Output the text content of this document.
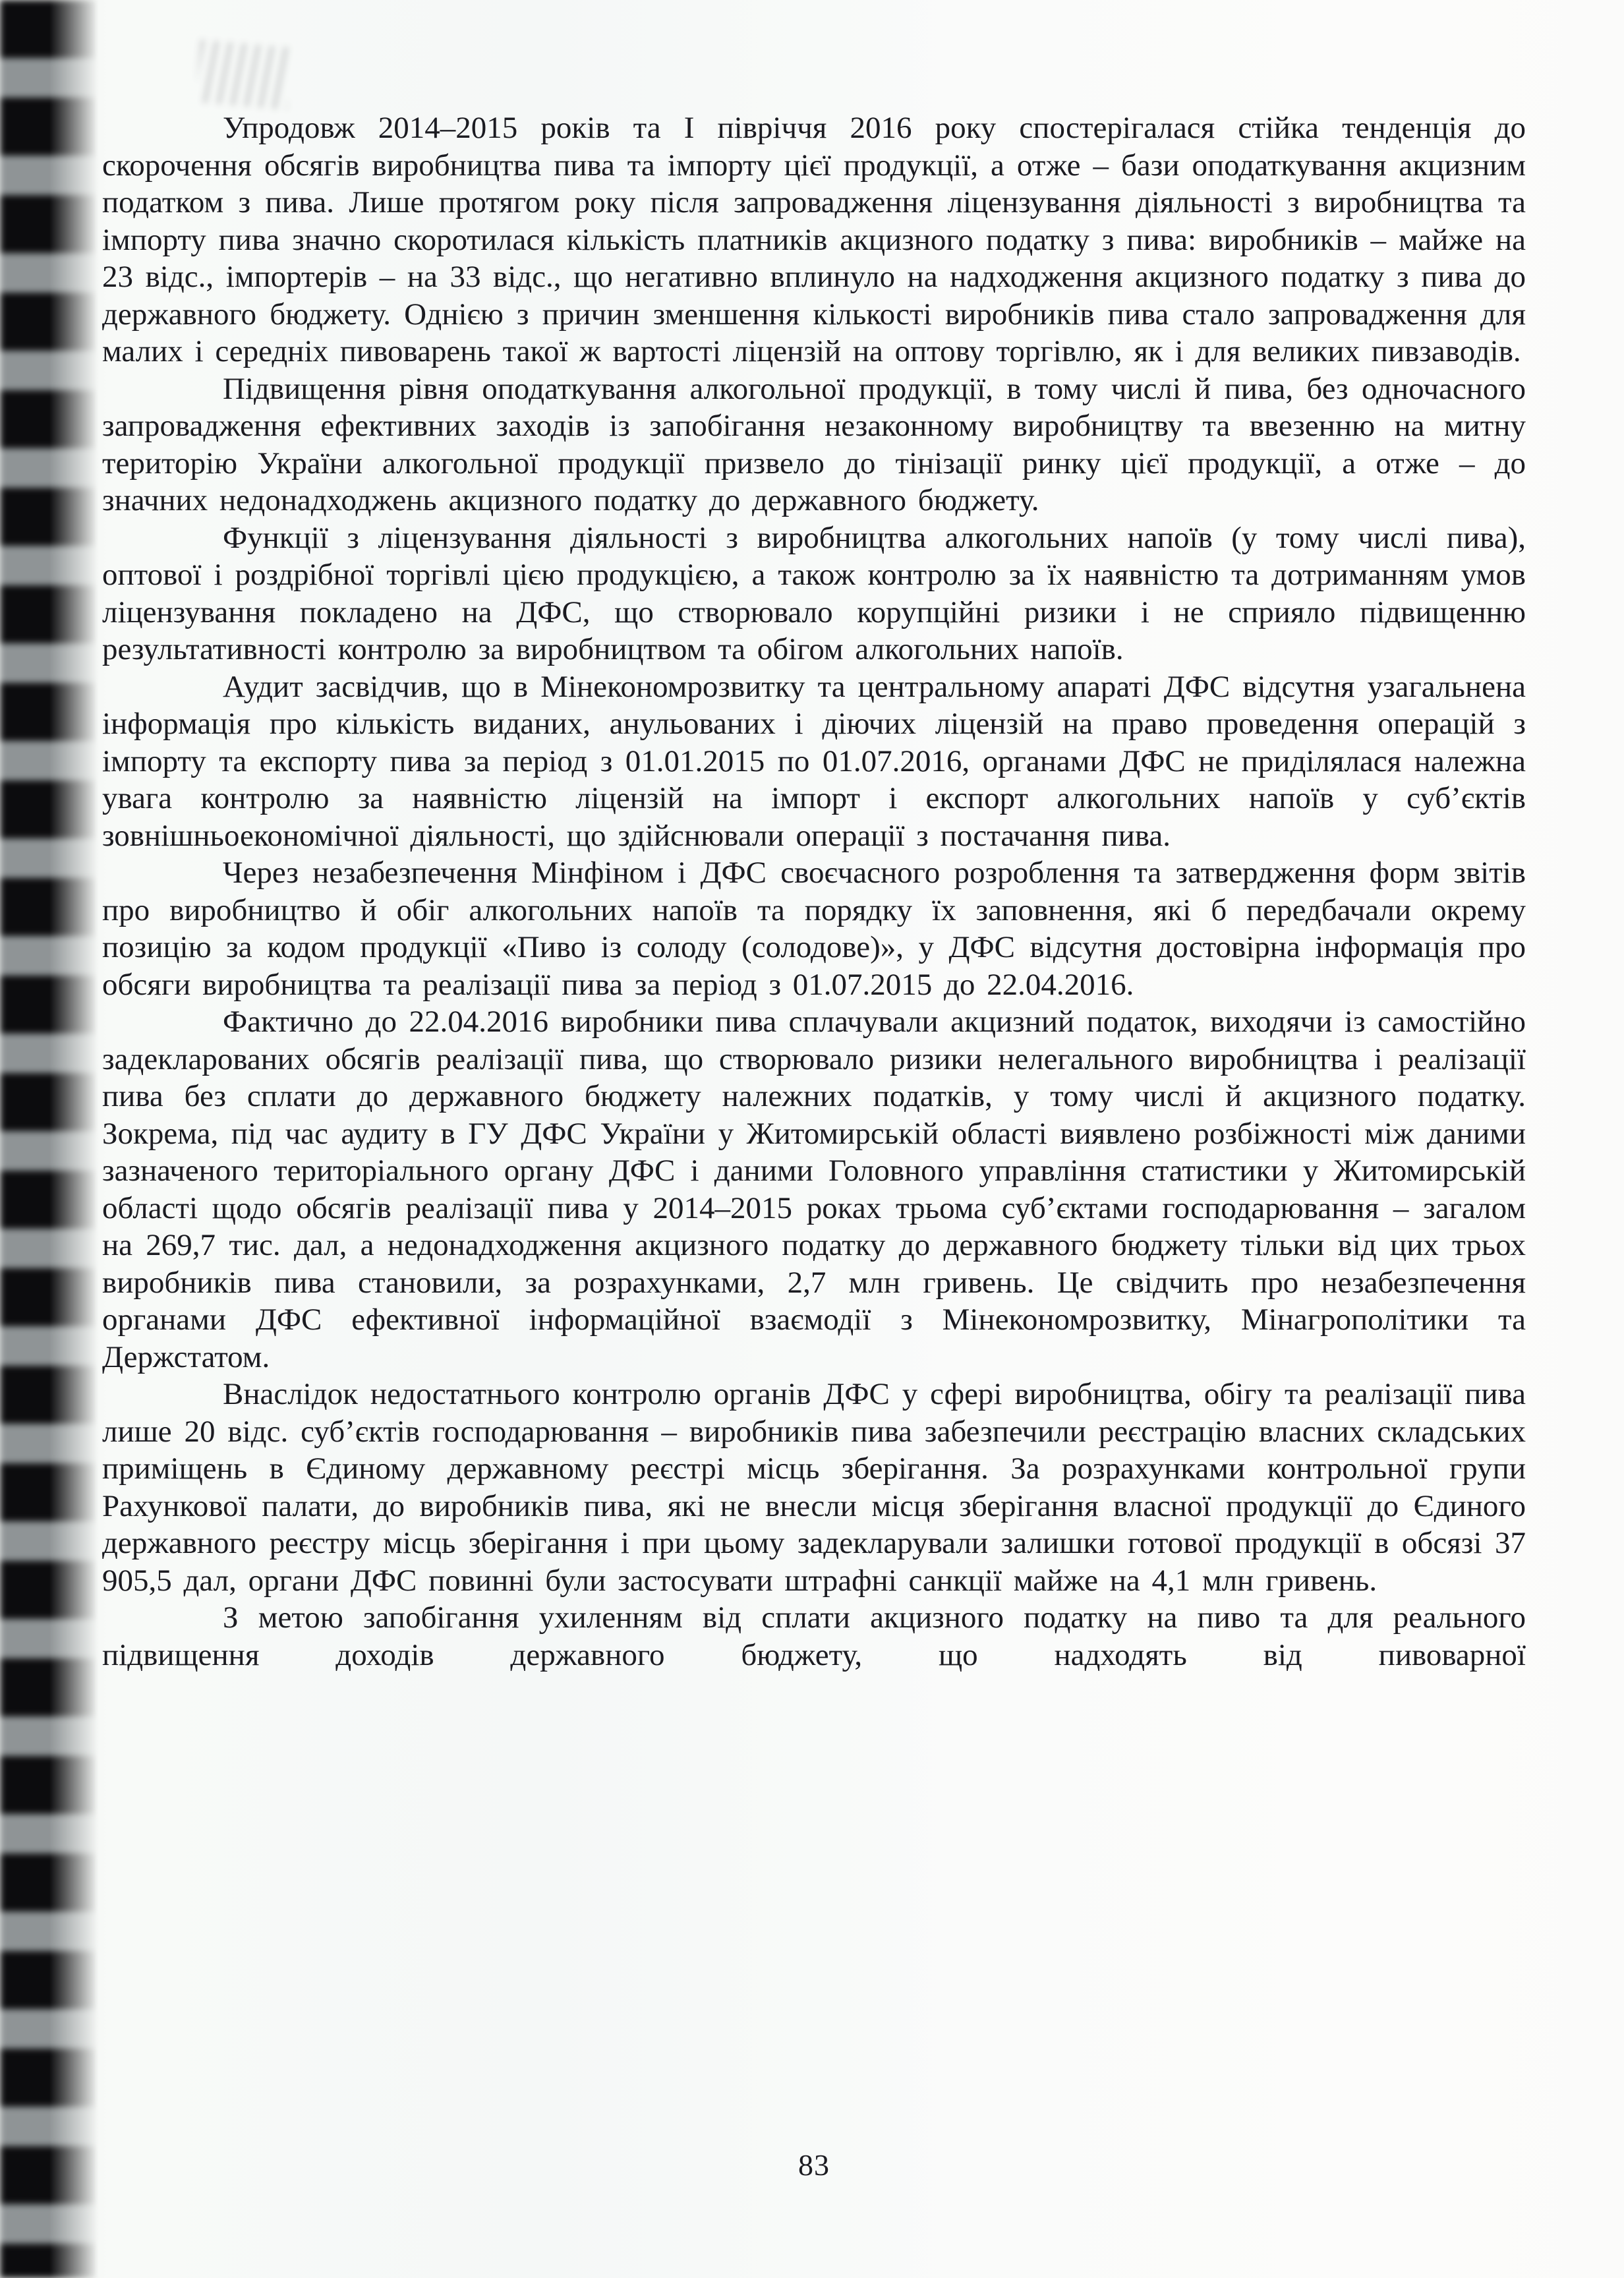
Упродовж 2014–2015 років та І півріччя 2016 року спостерігалася стійка тенденція до скорочення обсягів виробництва пива та імпорту цієї продукції, а отже – бази оподаткування акцизним податком з пива. Лише протягом року після запровадження ліцензування діяльності з виробництва та імпорту пива значно скоротилася кількість платників акцизного податку з пива: виробників – майже на 23 відс., імпортерів – на 33 відс., що негативно вплинуло на надходження акцизного податку з пива до державного бюджету. Однією з причин зменшення кількості виробників пива стало запровадження для малих і середніх пивоварень такої ж вартості ліцензій на оптову торгівлю, як і для великих пивзаводів.

Підвищення рівня оподаткування алкогольної продукції, в тому числі й пива, без одночасного запровадження ефективних заходів із запобігання незаконному виробництву та ввезенню на митну територію України алкогольної продукції призвело до тінізації ринку цієї продукції, а отже – до значних недонадходжень акцизного податку до державного бюджету.

Функції з ліцензування діяльності з виробництва алкогольних напоїв (у тому числі пива), оптової і роздрібної торгівлі цією продукцією, а також контролю за їх наявністю та дотриманням умов ліцензування покладено на ДФС, що створювало корупційні ризики і не сприяло підвищенню результативності контролю за виробництвом та обігом алкогольних напоїв.

Аудит засвідчив, що в Мінекономрозвитку та центральному апараті ДФС відсутня узагальнена інформація про кількість виданих, анульованих і діючих ліцензій на право проведення операцій з імпорту та експорту пива за період з 01.01.2015 по 01.07.2016, органами ДФС не приділялася належна увага контролю за наявністю ліцензій на імпорт і експорт алкогольних напоїв у суб’єктів зовнішньоекономічної діяльності, що здійснювали операції з постачання пива.

Через незабезпечення Мінфіном і ДФС своєчасного розроблення та затвердження форм звітів про виробництво й обіг алкогольних напоїв та порядку їх заповнення, які б передбачали окрему позицію за кодом продукції «Пиво із солоду (солодове)», у ДФС відсутня достовірна інформація про обсяги виробництва та реалізації пива за період з 01.07.2015 до 22.04.2016.

Фактично до 22.04.2016 виробники пива сплачували акцизний податок, виходячи із самостійно задекларованих обсягів реалізації пива, що створювало ризики нелегального виробництва і реалізації пива без сплати до державного бюджету належних податків, у тому числі й акцизного податку. Зокрема, під час аудиту в ГУ ДФС України у Житомирській області виявлено розбіжності між даними зазначеного територіального органу ДФС і даними Головного управління статистики у Житомирській області щодо обсягів реалізації пива у 2014–2015 роках трьома суб’єктами господарювання – загалом на 269,7 тис. дал, а недонадходження акцизного податку до державного бюджету тільки від цих трьох виробників пива становили, за розрахунками, 2,7 млн гривень. Це свідчить про незабезпечення органами ДФС ефективної інформаційної взаємодії з Мінекономрозвитку, Мінагрополітики та Держстатом.

Внаслідок недостатнього контролю органів ДФС у сфері виробництва, обігу та реалізації пива лише 20 відс. суб’єктів господарювання – виробників пива забезпечили реєстрацію власних складських приміщень в Єдиному державному реєстрі місць зберігання. За розрахунками контрольної групи Рахункової палати, до виробників пива, які не внесли місця зберігання власної продукції до Єдиного державного реєстру місць зберігання і при цьому задекларували залишки готової продукції в обсязі 37 905,5 дал, органи ДФС повинні були застосувати штрафні санкції майже на 4,1 млн гривень.

З метою запобігання ухиленням від сплати акцизного податку на пиво та для реального підвищення доходів державного бюджету, що надходять від пивоварної

83
